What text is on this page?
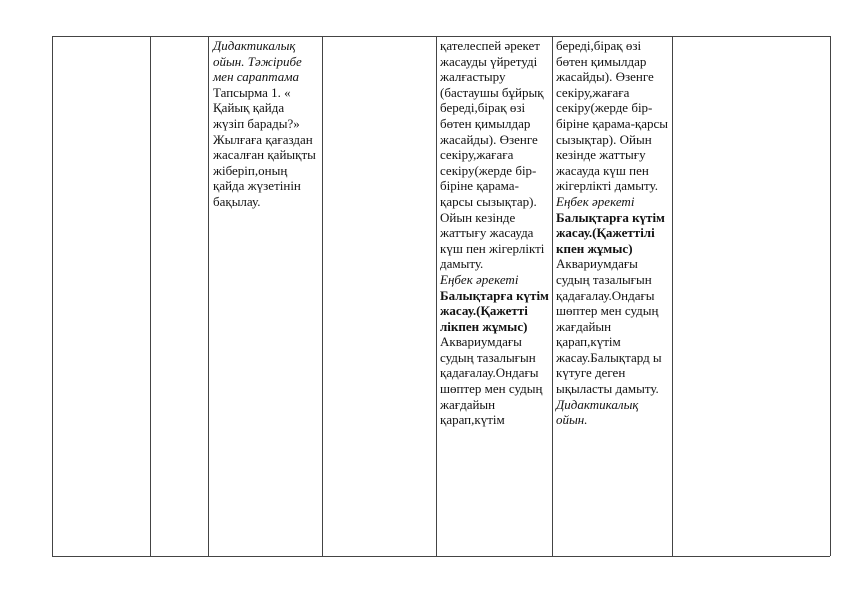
Дидактикалық ойын. Тәжірибе мен сараптама

Тапсырма 1. « Қайық қайда жүзіп барады?» Жылғаға қағаздан жасалған қайықты жіберіп,оның қайда жүзетінін бақылау.

қателеспей әрекет жасауды үйретуді жалғастыру (бастаушы бұйрық береді,бірақ өзі бөтен қимылдар жасайды). Өзенге секіру,жағаға секіру(жерде бір-біріне қарама-қарсы сызықтар). Ойын кезінде жаттығу жасауда күш пен жігерлікті дамыту.

Еңбек әрекеті

Балықтарға күтім жасау.(Қажетті лікпен жұмыс)

Аквариумдағы судың тазалығын қадағалау.Ондағы шөптер мен судың жағдайын қарап,күтім

береді,бірақ өзі бөтен қимылдар жасайды). Өзенге секіру,жағаға секіру(жерде бір-біріне қарама-қарсы сызықтар). Ойын кезінде жаттығу жасауда күш пен жігерлікті дамыту.

Еңбек әрекеті

Балықтарға күтім жасау.(Қажеттілі кпен жұмыс)

Аквариумдағы судың тазалығын қадағалау.Ондағы шөптер мен судың жағдайын қарап,күтім жасау.Балықтард ы күтуге деген ықыласты дамыту.

Дидактикалық ойын.
